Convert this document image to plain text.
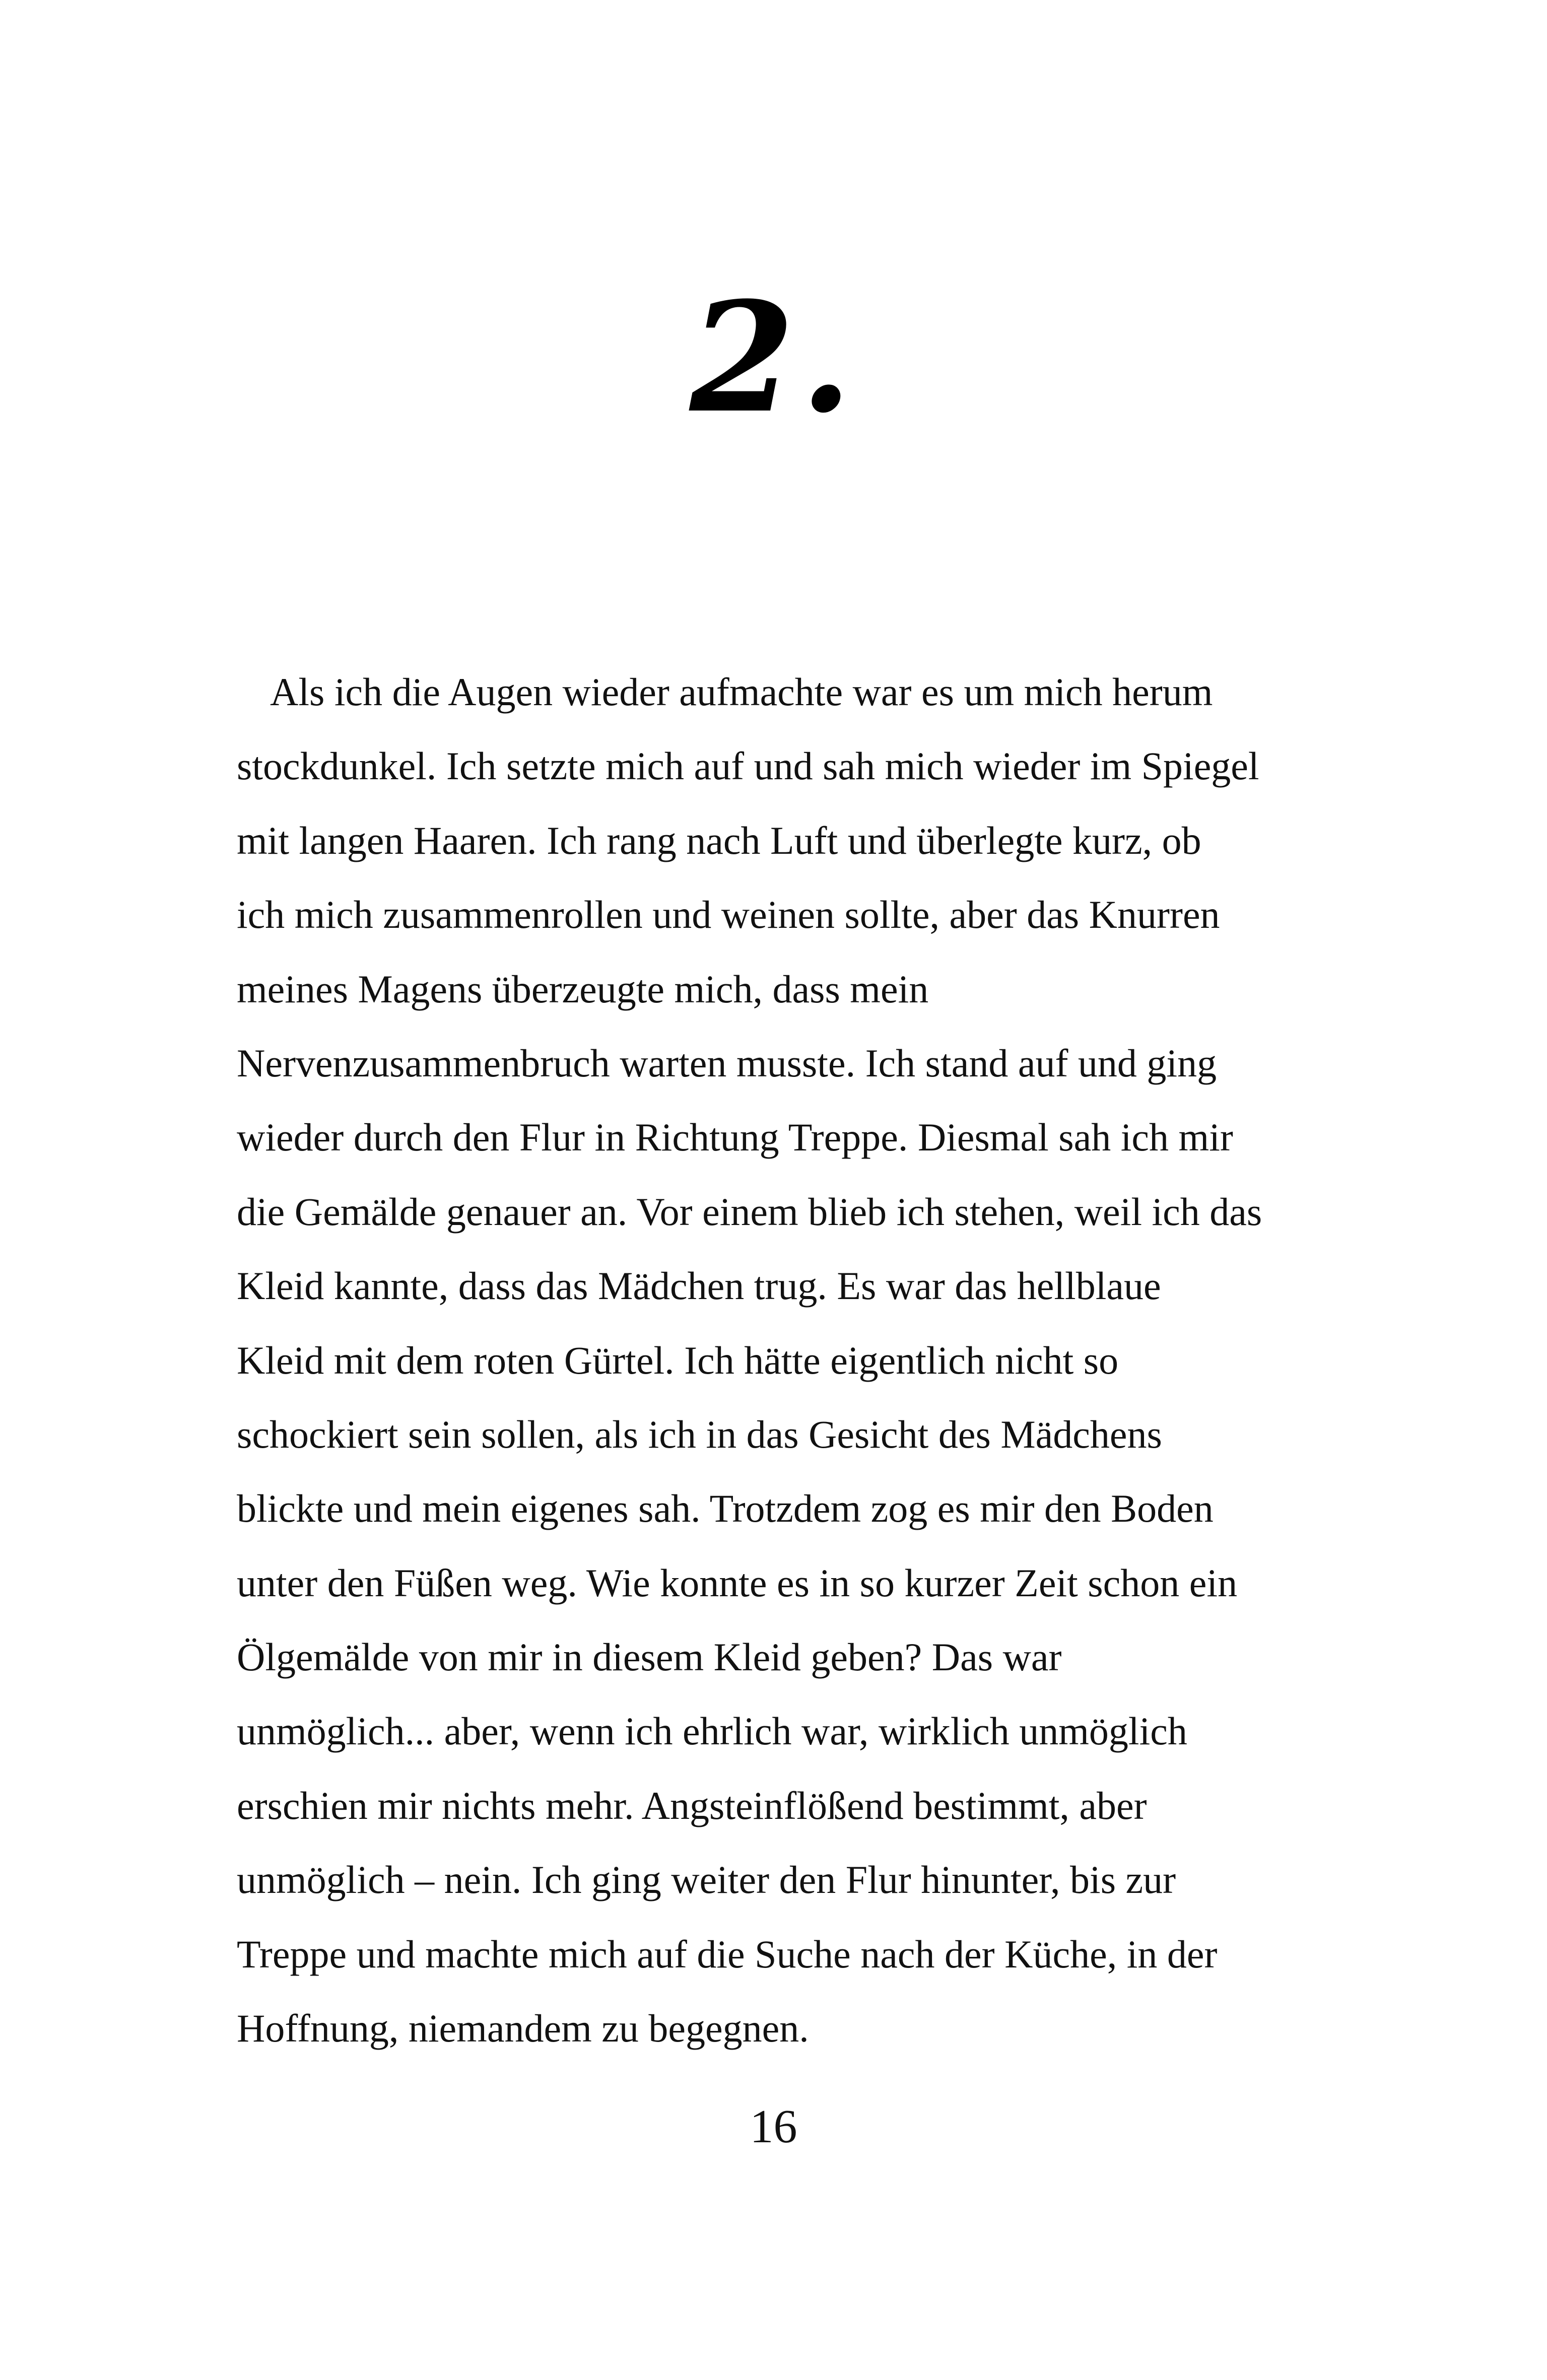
2.
Als ich die Augen wieder aufmachte war es um mich herum
stockdunkel. Ich setzte mich auf und sah mich wieder im Spiegel
mit langen Haaren. Ich rang nach Luft und überlegte kurz, ob
ich mich zusammenrollen und weinen sollte, aber das Knurren
meines Magens überzeugte mich, dass mein
Nervenzusammenbruch warten musste. Ich stand auf und ging
wieder durch den Flur in Richtung Treppe. Diesmal sah ich mir
die Gemälde genauer an. Vor einem blieb ich stehen, weil ich das
Kleid kannte, dass das Mädchen trug. Es war das hellblaue
Kleid mit dem roten Gürtel. Ich hätte eigentlich nicht so
schockiert sein sollen, als ich in das Gesicht des Mädchens
blickte und mein eigenes sah. Trotzdem zog es mir den Boden
unter den Füßen weg. Wie konnte es in so kurzer Zeit schon ein
Ölgemälde von mir in diesem Kleid geben? Das war
unmöglich... aber, wenn ich ehrlich war, wirklich unmöglich
erschien mir nichts mehr. Angsteinflößend bestimmt, aber
unmöglich – nein. Ich ging weiter den Flur hinunter, bis zur
Treppe und machte mich auf die Suche nach der Küche, in der
Hoffnung, niemandem zu begegnen.
16
